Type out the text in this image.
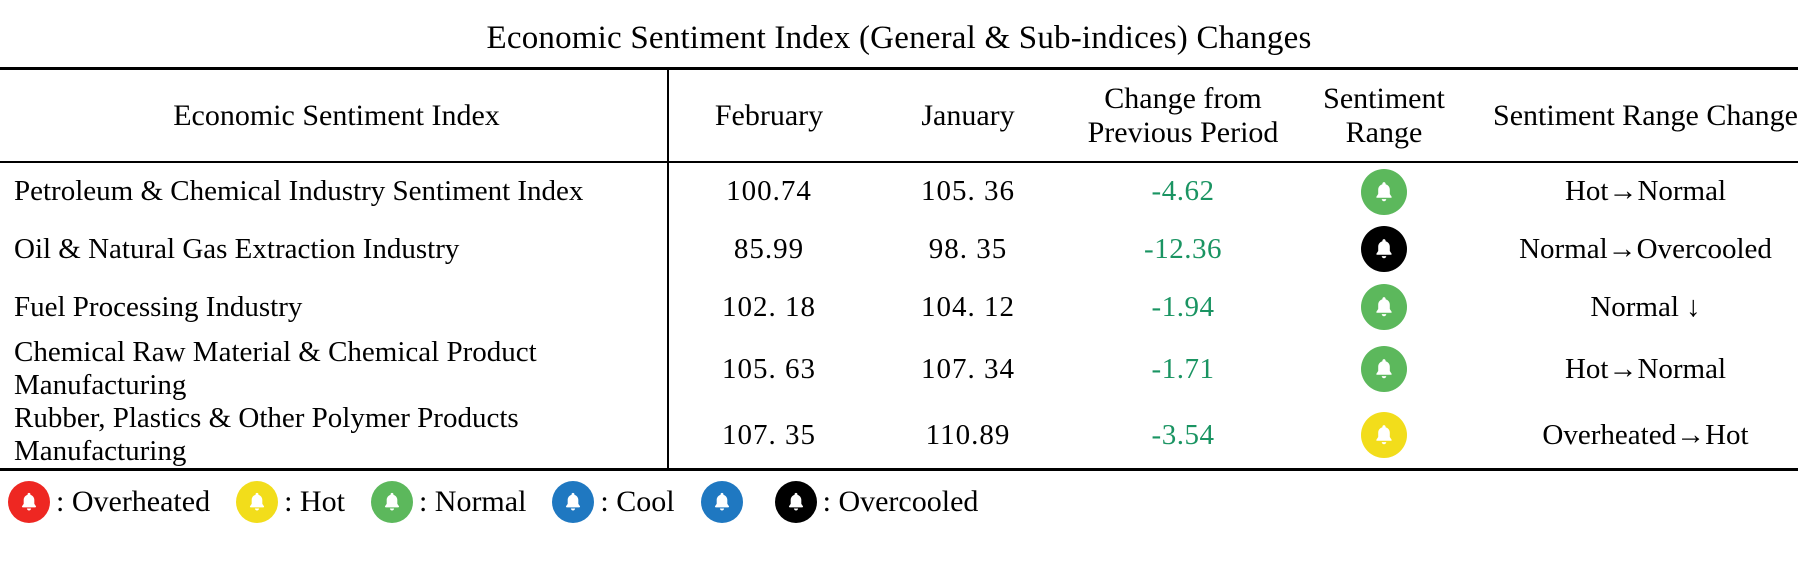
Economic Sentiment Index (General & Sub-indices) Changes
Economic Sentiment Index	February	January	Change from Previous Period	Sentiment Range	Sentiment Range Change
Petroleum & Chemical Industry Sentiment Index	100.74	105. 36	-4.62		Hot→Normal
Oil & Natural Gas Extraction Industry	85.99	98. 35	-12.36		Normal→Overcooled
Fuel Processing Industry	102. 18	104. 12	-1.94		Normal ↓
Chemical Raw Material & Chemical Product Manufacturing	105. 63	107. 34	-1.71		Hot→Normal
Rubber, Plastics & Other Polymer Products Manufacturing	107. 35	110.89	-3.54		Overheated→Hot
: Overheated : Hot : Normal : Cool	: Overcooled
